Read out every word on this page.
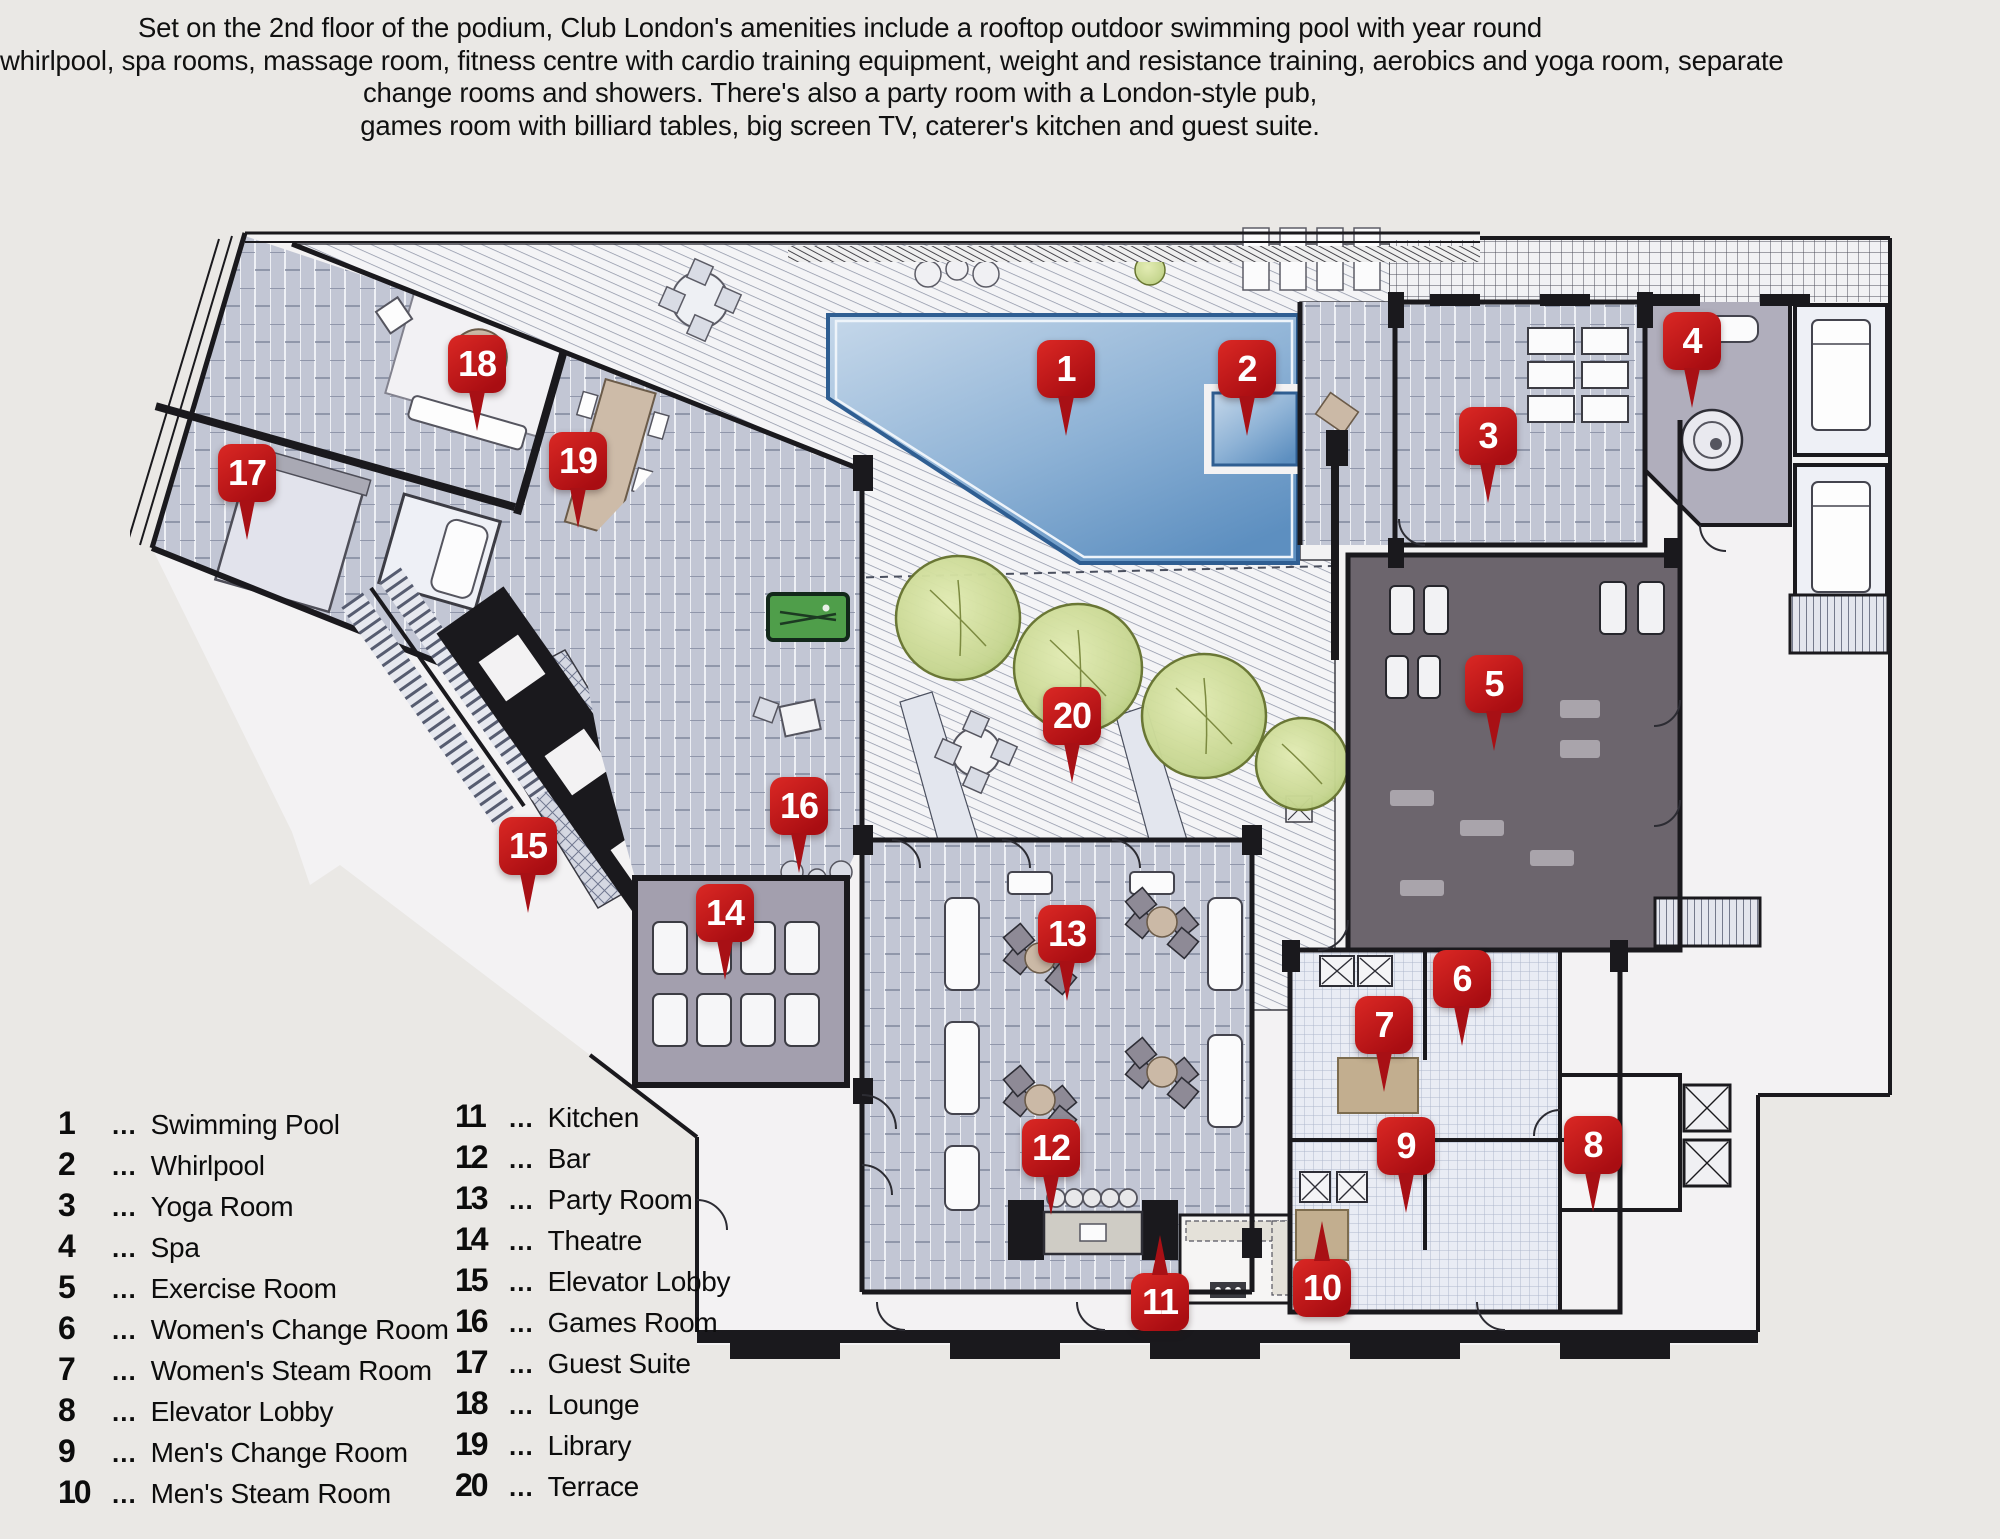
Set on the 2nd floor of the podium, Club London's amenities include a rooftop outdoor swimming pool with year round
whirlpool, spa rooms, massage room, fitness centre with cardio training equipment, weight and resistance training, aerobics and yoga room, separate
change rooms and showers. There's also a party room with a London-style pub,
games room with billiard tables, big screen TV, caterer's kitchen and guest suite.
1	2
3
4
5
6
7
8
9
10
11
12
13
14
15
16
17
18
19
20
1	... Swimming Pool
2	... Whirlpool
3	... Yoga Room
4	... Spa
5	... Exercise Room
6	... Women's Change Room
7	... Women's Steam Room
8	... Elevator Lobby
9	... Men's Change Room
10 ... Men's Steam Room
11 ... Kitchen
12 ... Bar
13 ... Party Room
14 ... Theatre
15 ... Elevator Lobby
16 ... Games Room
17 ... Guest Suite
18 ... Lounge
19 ... Library
20 ... Terrace
